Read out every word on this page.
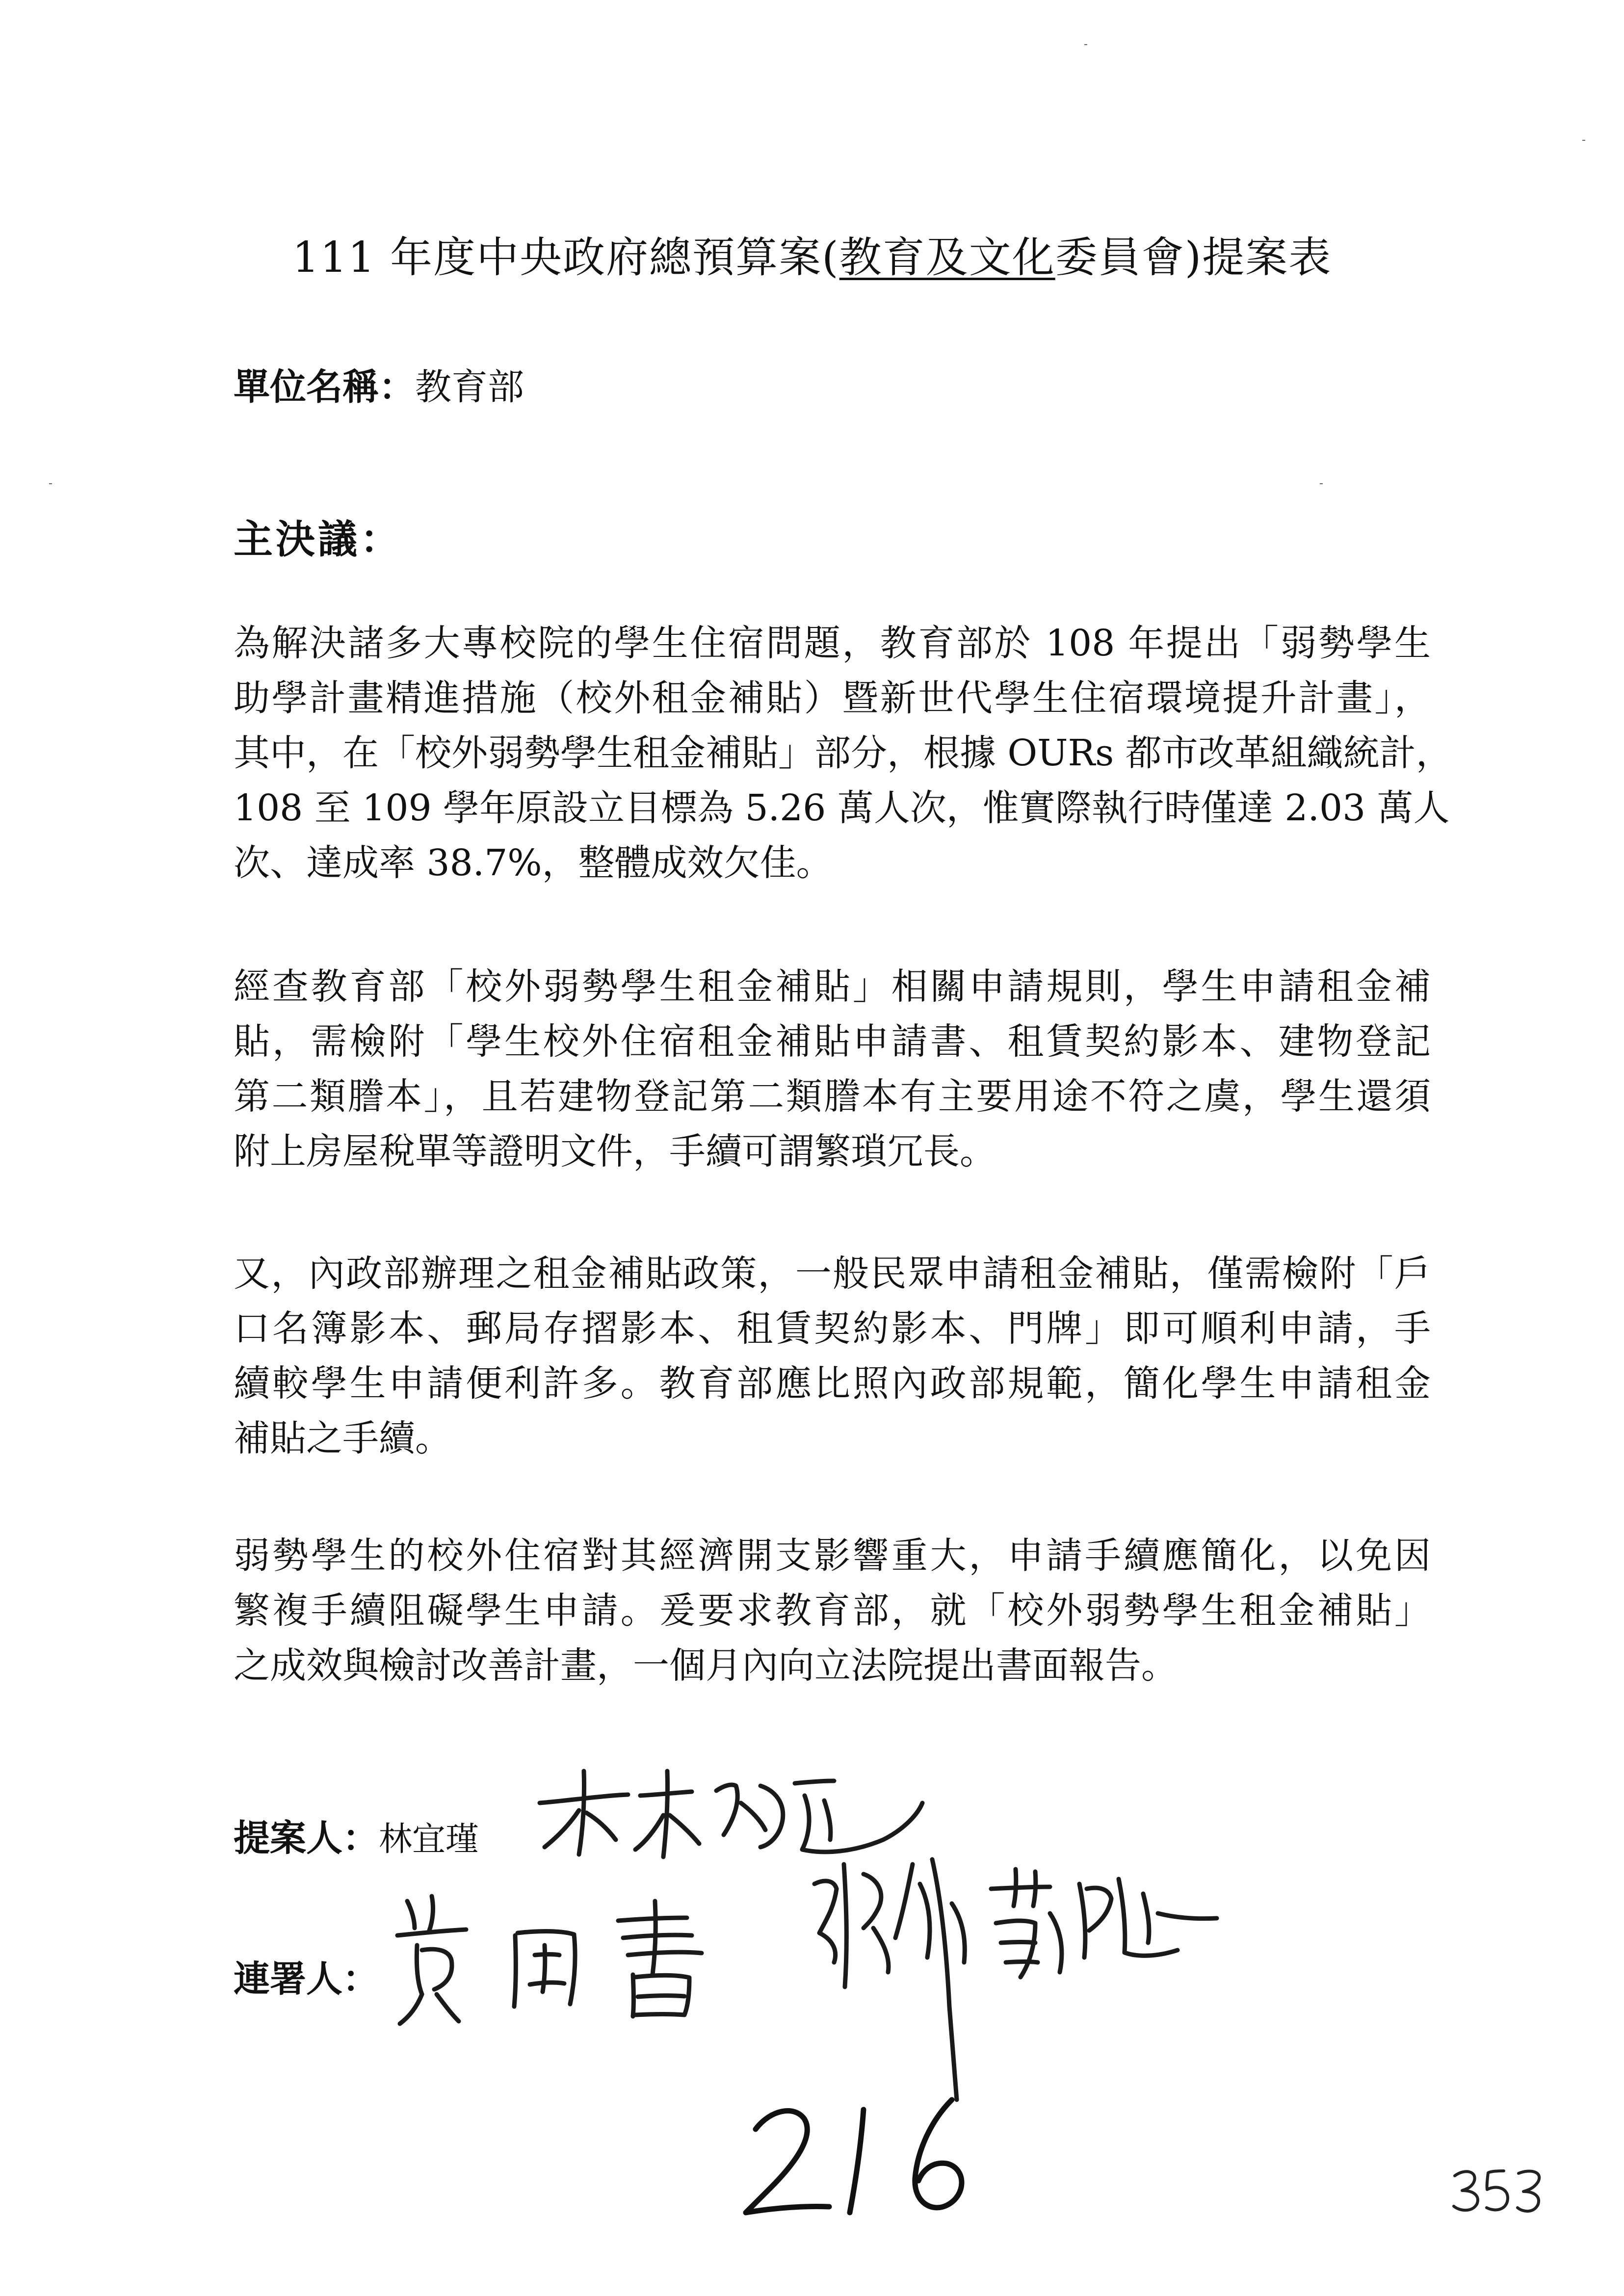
111 年度中央政府總預算案(教育及文化委員會)提案表
單位名稱：教育部
主決議：
為解決諸多大專校院的學生住宿問題，教育部於 108 年提出「弱勢學生
助學計畫精進措施（校外租金補貼）暨新世代學生住宿環境提升計畫」，
其中，在「校外弱勢學生租金補貼」部分，根據 OURs 都市改革組織統計，
108 至 109 學年原設立目標為 5.26 萬人次，惟實際執行時僅達 2.03 萬人
次、達成率 38.7%，整體成效欠佳。
經查教育部「校外弱勢學生租金補貼」相關申請規則，學生申請租金補
貼，需檢附「學生校外住宿租金補貼申請書、租賃契約影本、建物登記
第二類謄本」，且若建物登記第二類謄本有主要用途不符之虞，學生還須
附上房屋稅單等證明文件，手續可謂繁瑣冗長。
又，內政部辦理之租金補貼政策，一般民眾申請租金補貼，僅需檢附「戶
口名簿影本、郵局存摺影本、租賃契約影本、門牌」即可順利申請，手
續較學生申請便利許多。教育部應比照內政部規範，簡化學生申請租金
補貼之手續。
弱勢學生的校外住宿對其經濟開支影響重大，申請手續應簡化，以免因
繁複手續阻礙學生申請。爰要求教育部，就「校外弱勢學生租金補貼」
之成效與檢討改善計畫，一個月內向立法院提出書面報告。
提案人：林宜瑾
連署人：
